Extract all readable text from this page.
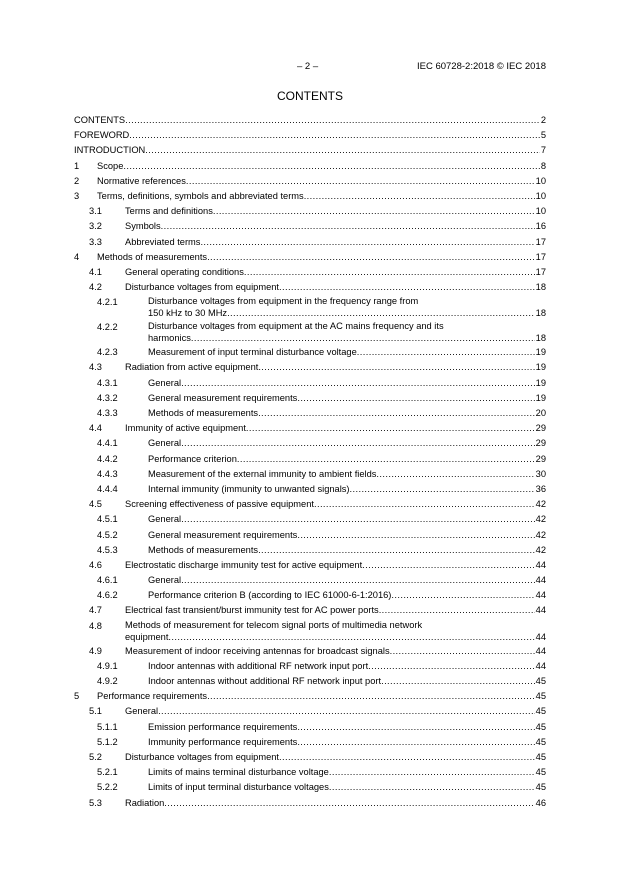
– 2 –	IEC 60728-2:2018 © IEC 2018
CONTENTS
CONTENTS .....	2
FOREWORD .....	5
INTRODUCTION .....	7
1 Scope .....	8
2 Normative references .....	10
3 Terms, definitions, symbols and abbreviated terms .....	10
3.1 Terms and definitions .....	10
3.2 Symbols .....	16
3.3 Abbreviated terms .....	17
4 Methods of measurements .....	17
4.1 General operating conditions .....	17
4.2 Disturbance voltages from equipment .....	18
4.2.1	Disturbance voltages from equipment in the frequency range from
150 kHz to 30 MHz .....	18
4.2.2	Disturbance voltages from equipment at the AC mains frequency and its
harmonics .....	18
4.2.3	Measurement of input terminal disturbance voltage .....	19
4.3 Radiation from active equipment .....	19
4.3.1	General .....	19
4.3.2	General measurement requirements .....	19
4.3.3	Methods of measurements .....	20
4.4 Immunity of active equipment .....	29
4.4.1	General .....	29
4.4.2	Performance criterion .....	29
4.4.3	Measurement of the external immunity to ambient fields .....	30
4.4.4	Internal immunity (immunity to unwanted signals) .....	36
4.5 Screening effectiveness of passive equipment .....	42
4.5.1	General .....	42
4.5.2	General measurement requirements .....	42
4.5.3	Methods of measurements .....	42
4.6 Electrostatic discharge immunity test for active equipment .....	44
4.6.1	General .....	44
4.6.2	Performance criterion B (according to IEC 61000-6-1:2016) .....	44
4.7 Electrical fast transient/burst immunity test for AC power ports .....	44
4.8 Methods of measurement for telecom signal ports of multimedia network
equipment .....	44
4.9 Measurement of indoor receiving antennas for broadcast signals .....	44
4.9.1	Indoor antennas with additional RF network input port .....	44
4.9.2	Indoor antennas without additional RF network input port .....	45
5 Performance requirements .....	45
5.1 General .....	45
5.1.1	Emission performance requirements .....	45
5.1.2	Immunity performance requirements .....	45
5.2 Disturbance voltages from equipment .....	45
5.2.1	Limits of mains terminal disturbance voltage .....	45
5.2.2	Limits of input terminal disturbance voltages .....	45
5.3 Radiation .....	46
